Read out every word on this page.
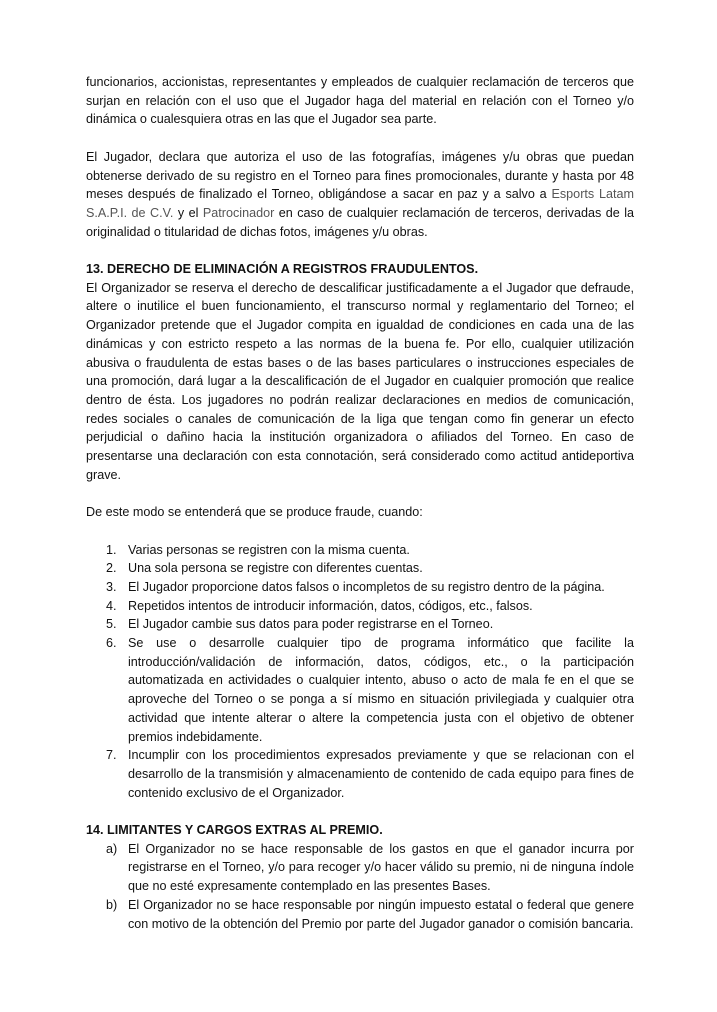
funcionarios, accionistas, representantes y empleados de cualquier reclamación de terceros que surjan en relación con el uso que el Jugador haga del material en relación con el Torneo y/o dinámica o cualesquiera otras en las que el Jugador sea parte.

El Jugador, declara que autoriza el uso de las fotografías, imágenes y/u obras que puedan obtenerse derivado de su registro en el Torneo para fines promocionales, durante y hasta por 48 meses después de finalizado el Torneo, obligándose a sacar en paz y a salvo a Esports Latam S.A.P.I. de C.V. y el Patrocinador en caso de cualquier reclamación de terceros, derivadas de la originalidad o titularidad de dichas fotos, imágenes y/u obras.

13. DERECHO DE ELIMINACIÓN A REGISTROS FRAUDULENTOS.

El Organizador se reserva el derecho de descalificar justificadamente a el Jugador que defraude, altere o inutilice el buen funcionamiento, el transcurso normal y reglamentario del Torneo; el Organizador pretende que el Jugador compita en igualdad de condiciones en cada una de las dinámicas y con estricto respeto a las normas de la buena fe. Por ello, cualquier utilización abusiva o fraudulenta de estas bases o de las bases particulares o instrucciones especiales de una promoción, dará lugar a la descalificación de el Jugador en cualquier promoción que realice dentro de ésta. Los jugadores no podrán realizar declaraciones en medios de comunicación, redes sociales o canales de comunicación de la liga que tengan como fin generar un efecto perjudicial o dañino hacia la institución organizadora o afiliados del Torneo. En caso de presentarse una declaración con esta connotación, será considerado como actitud antideportiva grave.

De este modo se entenderá que se produce fraude, cuando:

1. Varias personas se registren con la misma cuenta.
2. Una sola persona se registre con diferentes cuentas.
3. El Jugador proporcione datos falsos o incompletos de su registro dentro de la página.
4. Repetidos intentos de introducir información, datos, códigos, etc., falsos.
5. El Jugador cambie sus datos para poder registrarse en el Torneo.
6. Se use o desarrolle cualquier tipo de programa informático que facilite la introducción/validación de información, datos, códigos, etc., o la participación automatizada en actividades o cualquier intento, abuso o acto de mala fe en el que se aproveche del Torneo o se ponga a sí mismo en situación privilegiada y cualquier otra actividad que intente alterar o altere la competencia justa con el objetivo de obtener premios indebidamente.
7. Incumplir con los procedimientos expresados previamente y que se relacionan con el desarrollo de la transmisión y almacenamiento de contenido de cada equipo para fines de contenido exclusivo de el Organizador.

14. LIMITANTES Y CARGOS EXTRAS AL PREMIO.

a) El Organizador no se hace responsable de los gastos en que el ganador incurra por registrarse en el Torneo, y/o para recoger y/o hacer válido su premio, ni de ninguna índole que no esté expresamente contemplado en las presentes Bases.
b) El Organizador no se hace responsable por ningún impuesto estatal o federal que genere con motivo de la obtención del Premio por parte del Jugador ganador o comisión bancaria.
